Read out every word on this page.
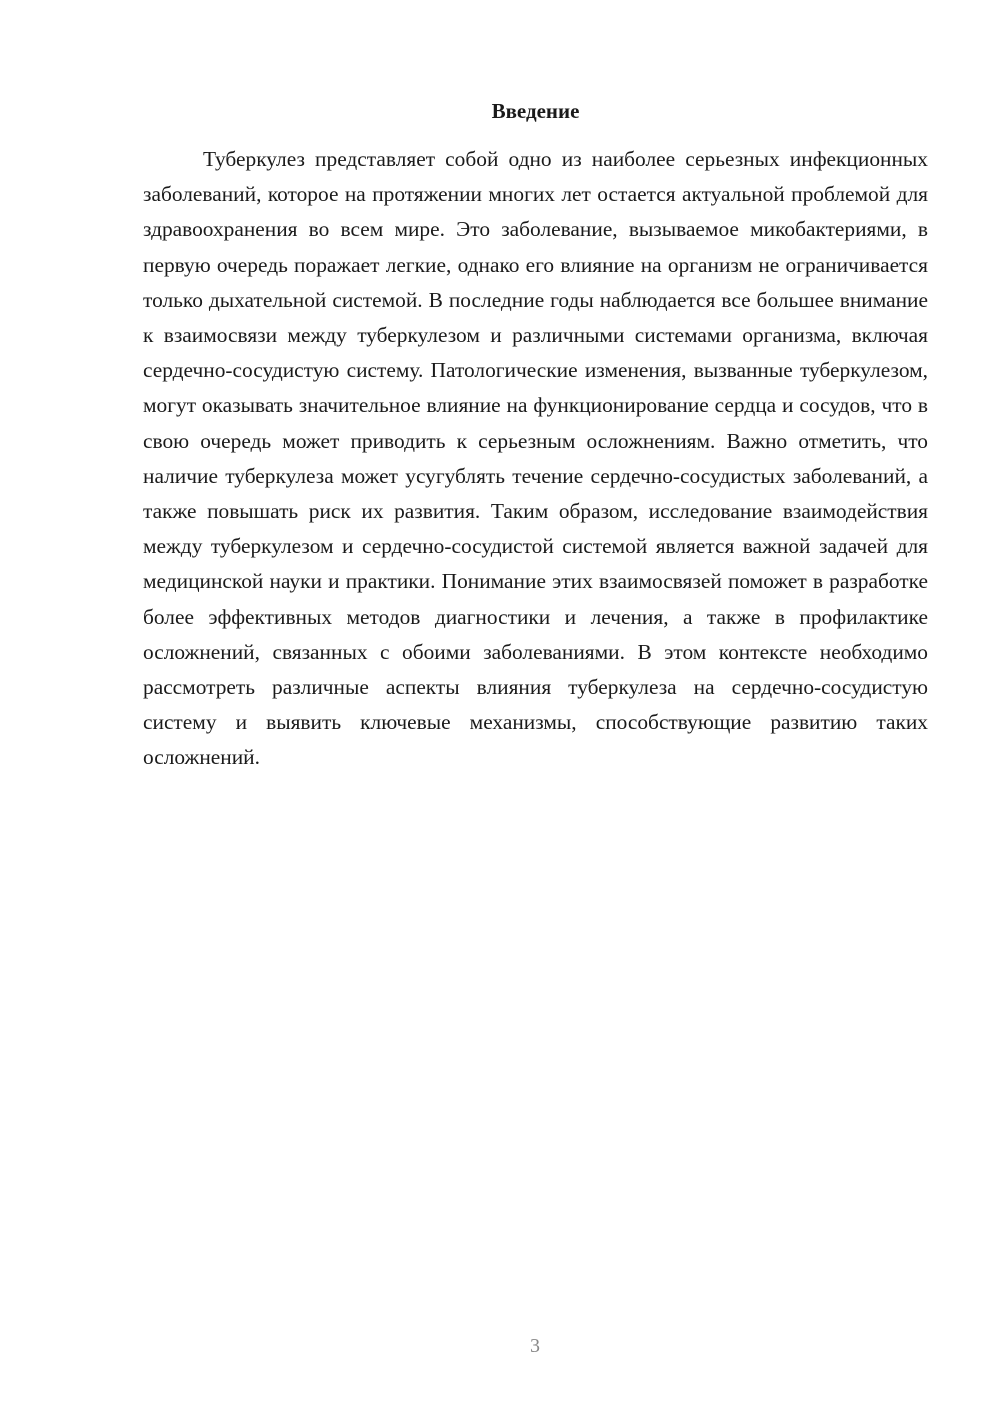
Введение

Туберкулез представляет собой одно из наиболее серьезных инфекционных заболеваний, которое на протяжении многих лет остается актуальной проблемой для здравоохранения во всем мире. Это заболевание, вызываемое микобактериями, в первую очередь поражает легкие, однако его влияние на организм не ограничивается только дыхательной системой. В последние годы наблюдается все большее внимание к взаимосвязи между туберкулезом и различными системами организма, включая сердечно-сосудистую систему. Патологические изменения, вызванные туберкулезом, могут оказывать значительное влияние на функционирование сердца и сосудов, что в свою очередь может приводить к серьезным осложнениям. Важно отметить, что наличие туберкулеза может усугублять течение сердечно-сосудистых заболеваний, а также повышать риск их развития. Таким образом, исследование взаимодействия между туберкулезом и сердечно-сосудистой системой является важной задачей для медицинской науки и практики. Понимание этих взаимосвязей поможет в разработке более эффективных методов диагностики и лечения, а также в профилактике осложнений, связанных с обоими заболеваниями. В этом контексте необходимо рассмотреть различные аспекты влияния туберкулеза на сердечно-сосудистую систему и выявить ключевые механизмы, способствующие развитию таких осложнений.

3
